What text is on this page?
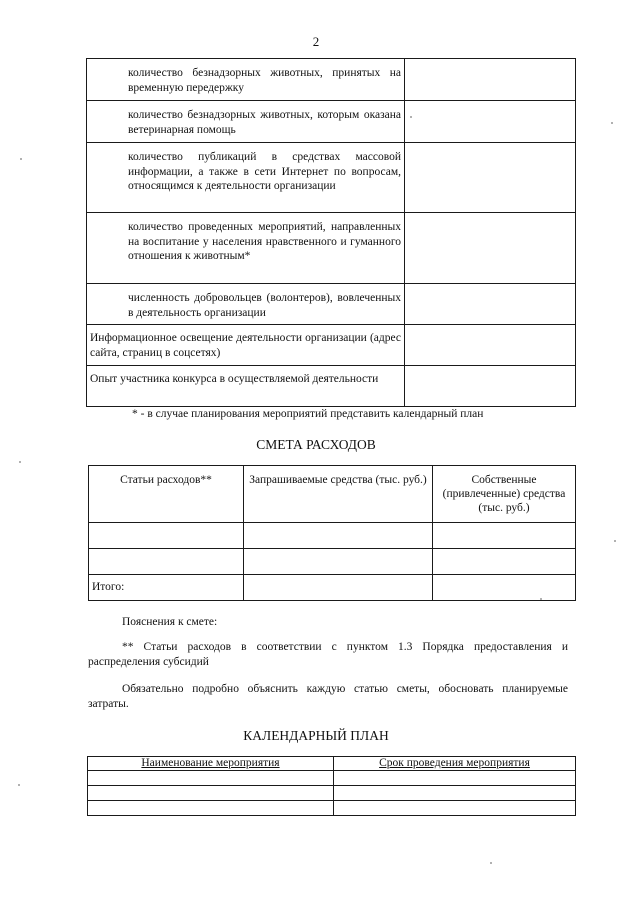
2
количество безнадзорных животных, принятых на временную передержку	
количество безнадзорных животных, которым оказана ветеринарная помощь	
количество публикаций в средствах массовой информации, а также в сети Интернет по вопросам, относящимся к деятельности организации	
количество проведенных мероприятий, направленных на воспитание у населения нравственного и гуманного отношения к животным*	
численность добровольцев (волонтеров), вовлеченных в деятельность организации	
Информационное освещение деятельности организации (адрес сайта, страниц в соцсетях)	
Опыт участника конкурса в осуществляемой деятельности	
* - в случае планирования мероприятий представить календарный план
СМЕТА РАСХОДОВ
Статьи расходов**	Запрашиваемые средства (тыс. руб.)	Собственные (привлеченные) средства (тыс. руб.)

Итого:		
Пояснения к смете:
** Статьи расходов в соответствии с пунктом 1.3 Порядка предоставления и распределения субсидий
Обязательно подробно объяснить каждую статью сметы, обосновать планируемые затраты.
КАЛЕНДАРНЫЙ ПЛАН
Наименование мероприятия	Срок проведения мероприятия
